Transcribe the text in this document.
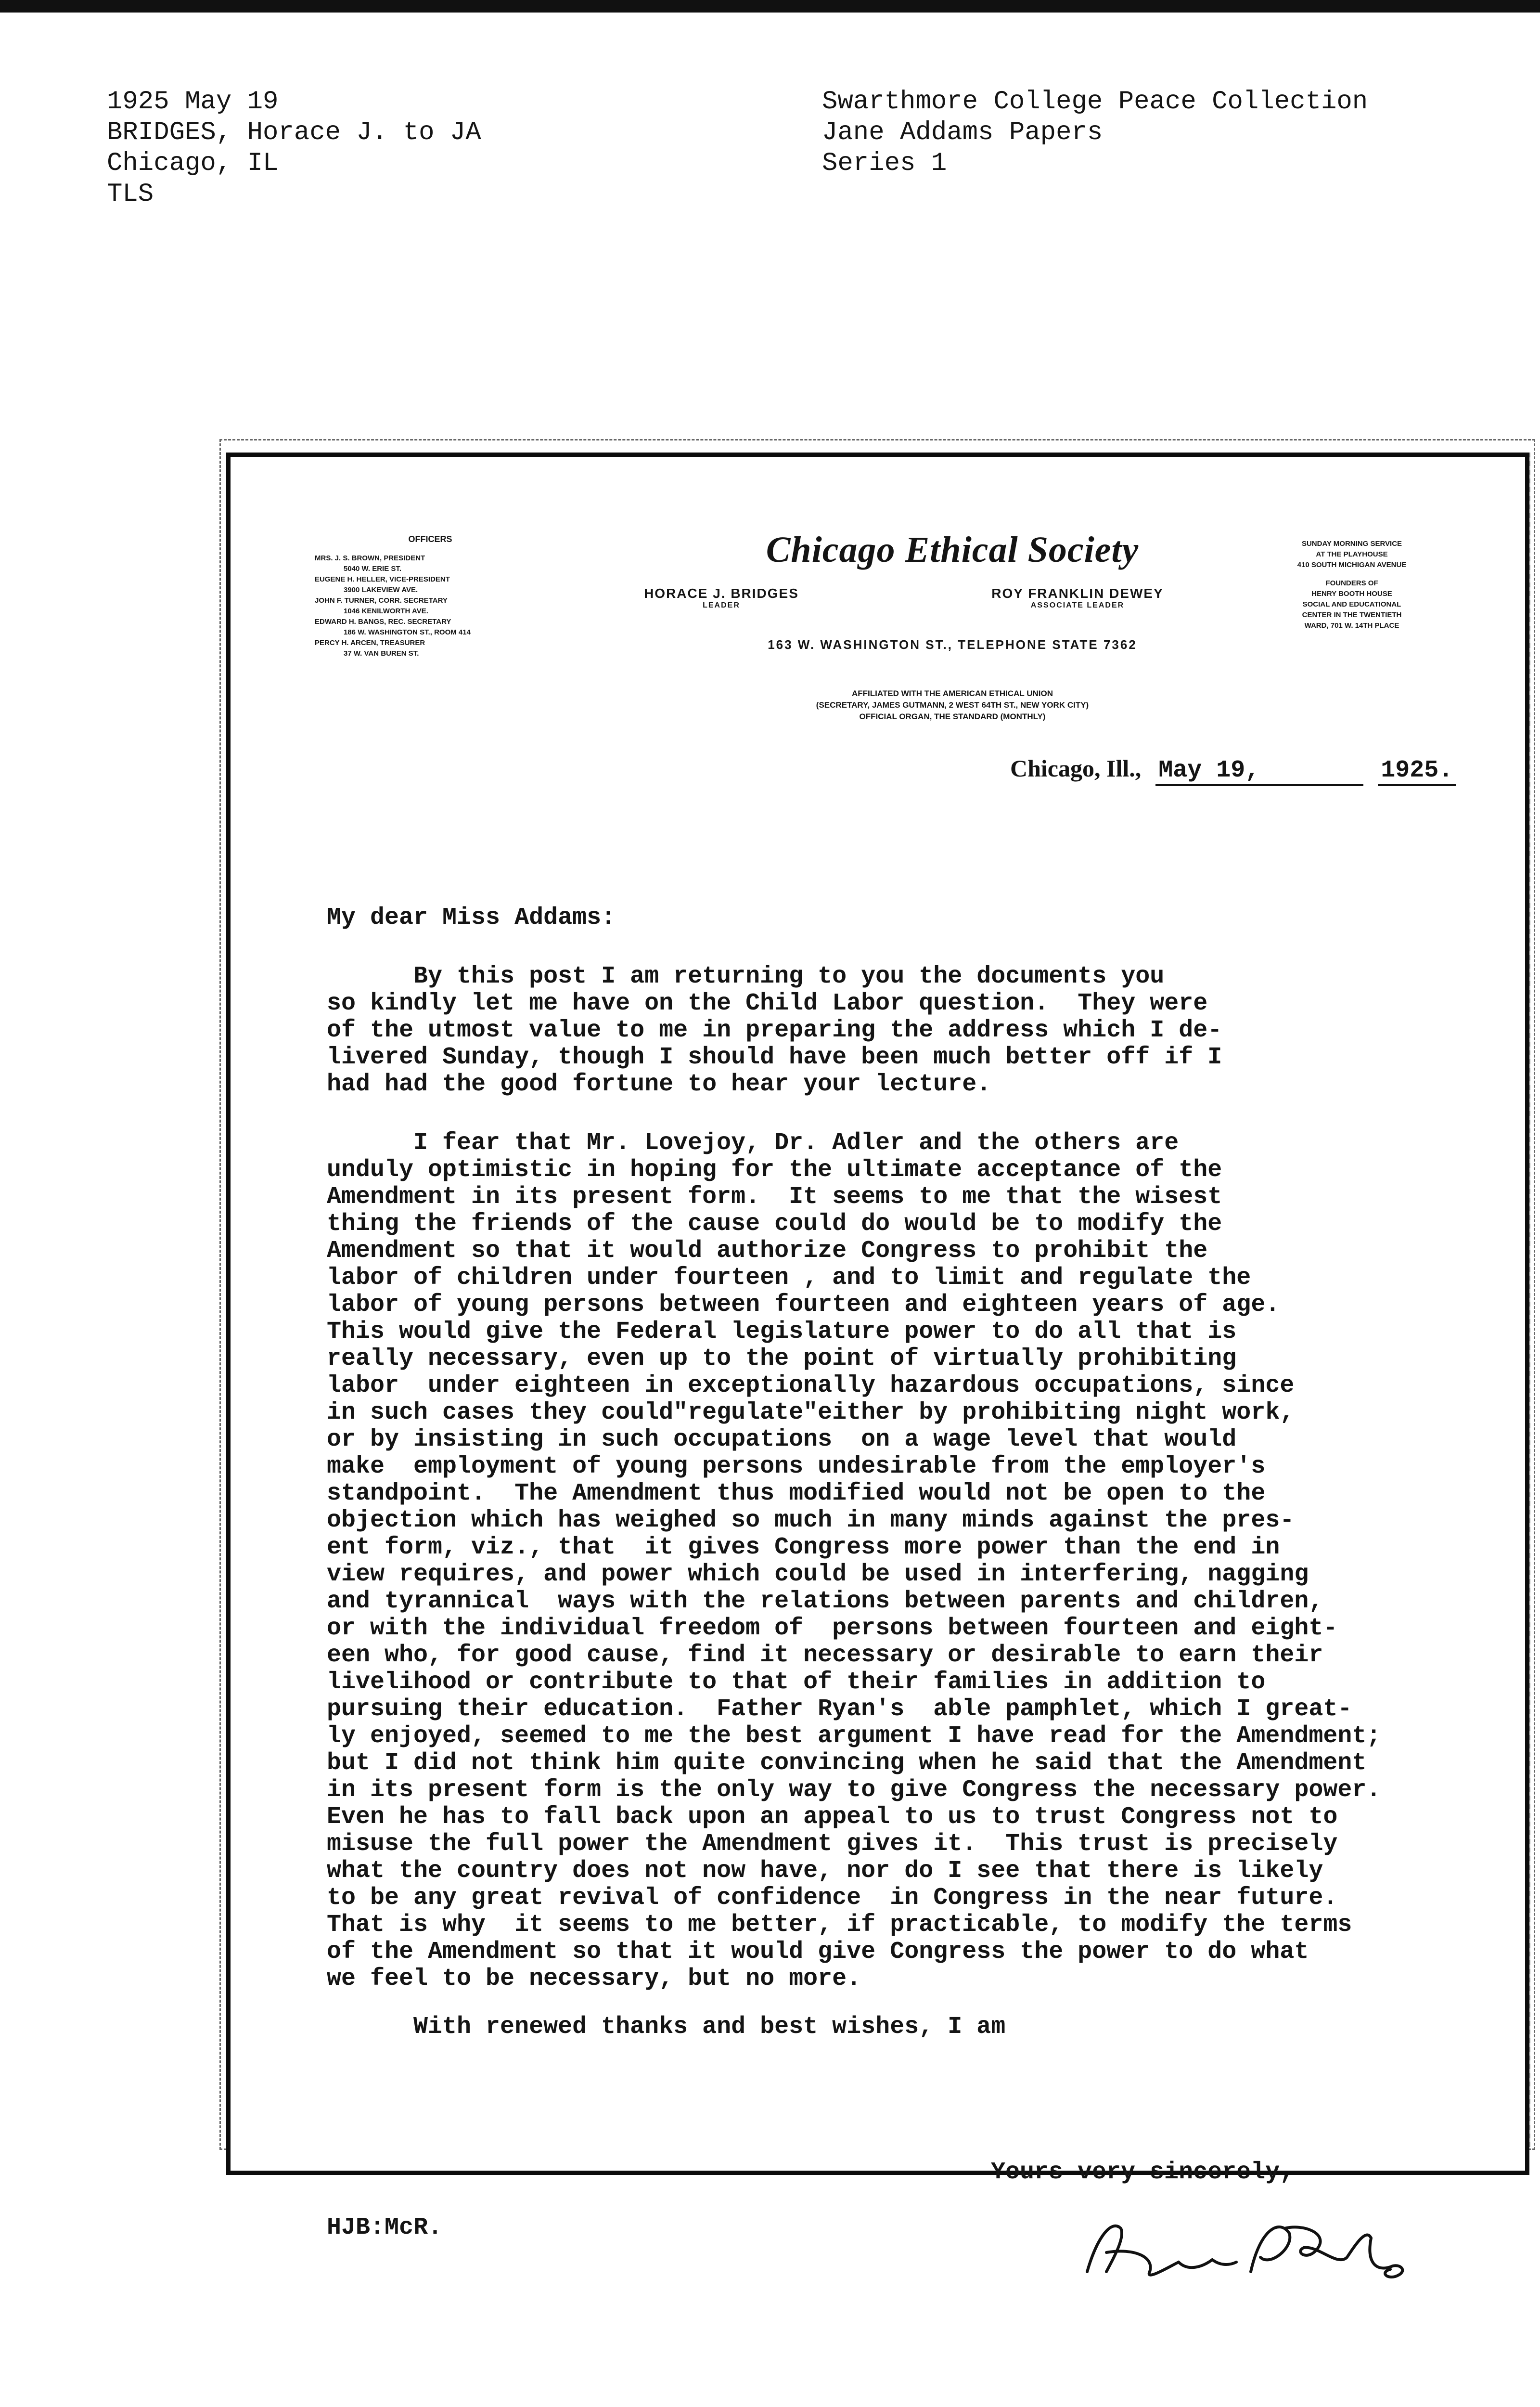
1925 May 19
BRIDGES, Horace J. to JA
Chicago, IL
TLS
Swarthmore College Peace Collection
Jane Addams Papers
Series 1
OFFICERS
MRS. J. S. BROWN, PRESIDENT
5040 W. ERIE ST.
EUGENE H. HELLER, VICE-PRESIDENT
3900 LAKEVIEW AVE.
JOHN F. TURNER, CORR. SECRETARY
1046 KENILWORTH AVE.
EDWARD H. BANGS, REC. SECRETARY
186 W. WASHINGTON ST., ROOM 414
PERCY H. ARCEN, TREASURER
37 W. VAN BUREN ST.
Chicago Ethical Society
HORACE J. BRIDGES
LEADER
ROY FRANKLIN DEWEY
ASSOCIATE LEADER
163 W. WASHINGTON ST., TELEPHONE STATE 7362
AFFILIATED WITH THE AMERICAN ETHICAL UNION
(SECRETARY, JAMES GUTMANN, 2 WEST 64TH ST., NEW YORK CITY)
OFFICIAL ORGAN, THE STANDARD (MONTHLY)
SUNDAY MORNING SERVICE
AT THE PLAYHOUSE
410 SOUTH MICHIGAN AVENUE
FOUNDERS OF
HENRY BOOTH HOUSE
SOCIAL AND EDUCATIONAL
CENTER IN THE TWENTIETH
WARD, 701 W. 14TH PLACE
Chicago, Ill., May 19,	1925.
My dear Miss Addams:
By this post I am returning to you the documents you
so kindly let me have on the Child Labor question.  They were
of the utmost value to me in preparing the address which I de-
livered Sunday, though I should have been much better off if I
had had the good fortune to hear your lecture.
I fear that Mr. Lovejoy, Dr. Adler and the others are
unduly optimistic in hoping for the ultimate acceptance of the
Amendment in its present form.  It seems to me that the wisest
thing the friends of the cause could do would be to modify the
Amendment so that it would authorize Congress to prohibit the
labor of children under fourteen , and to limit and regulate the
labor of young persons between fourteen and eighteen years of age.
This would give the Federal legislature power to do all that is
really necessary, even up to the point of virtually prohibiting
labor  under eighteen in exceptionally hazardous occupations, since
in such cases they could"regulate"either by prohibiting night work,
or by insisting in such occupations  on a wage level that would
make  employment of young persons undesirable from the employer's
standpoint.  The Amendment thus modified would not be open to the
objection which has weighed so much in many minds against the pres-
ent form, viz., that  it gives Congress more power than the end in
view requires, and power which could be used in interfering, nagging
and tyrannical  ways with the relations between parents and children,
or with the individual freedom of  persons between fourteen and eight-
een who, for good cause, find it necessary or desirable to earn their
livelihood or contribute to that of their families in addition to
pursuing their education.  Father Ryan's  able pamphlet, which I great-
ly enjoyed, seemed to me the best argument I have read for the Amendment;
but I did not think him quite convincing when he said that the Amendment
in its present form is the only way to give Congress the necessary power.
Even he has to fall back upon an appeal to us to trust Congress not to
misuse the full power the Amendment gives it.  This trust is precisely
what the country does not now have, nor do I see that there is likely
to be any great revival of confidence  in Congress in the near future.
That is why  it seems to me better, if practicable, to modify the terms
of the Amendment so that it would give Congress the power to do what
we feel to be necessary, but no more.
With renewed thanks and best wishes, I am
Yours very sincerely,
HJB:McR.
